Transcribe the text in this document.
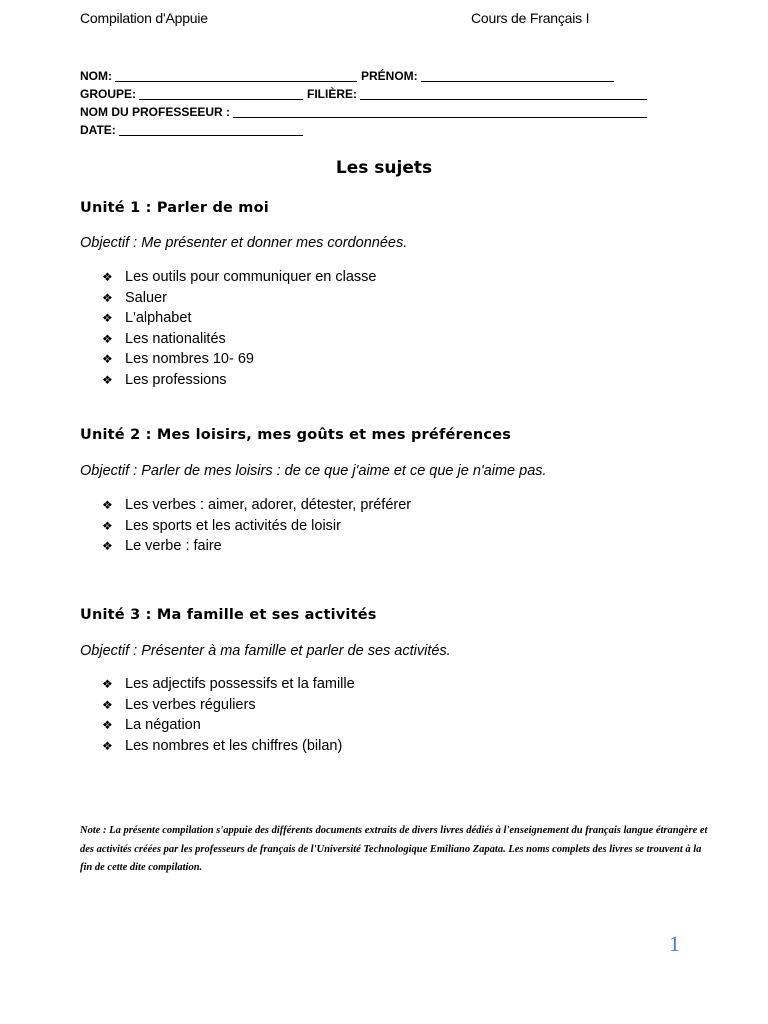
Compilation d'Appuie	Cours de Français I
NOM:	PRÉNOM:
GROUPE:	FILIÈRE:
NOM DU PROFESSEEUR :
DATE:
Les sujets
Unité 1 : Parler de moi
Objectif : Me présenter et donner mes cordonnées.
❖ Les outils pour communiquer en classe
❖ Saluer
❖ L'alphabet
❖ Les nationalités
❖ Les nombres 10- 69
❖ Les professions
Unité 2 : Mes loisirs, mes goûts et mes préférences
Objectif : Parler de mes loisirs : de ce que j'aime et ce que je n'aime pas.
❖ Les verbes : aimer, adorer, détester, préférer
❖ Les sports et les activités de loisir
❖ Le verbe : faire
Unité 3 : Ma famille et ses activités
Objectif : Présenter à ma famille et parler de ses activités.
❖ Les adjectifs possessifs et la famille
❖ Les verbes réguliers
❖ La négation
❖ Les nombres et les chiffres (bilan)
Note : La présente compilation s'appuie des différents documents extraits de divers livres dédiés à l'enseignement du français langue étrangère et des activités créées par les professeurs de français de l'Université Technologique Emiliano Zapata. Les noms complets des livres se trouvent à la fin de cette dite compilation.
1
